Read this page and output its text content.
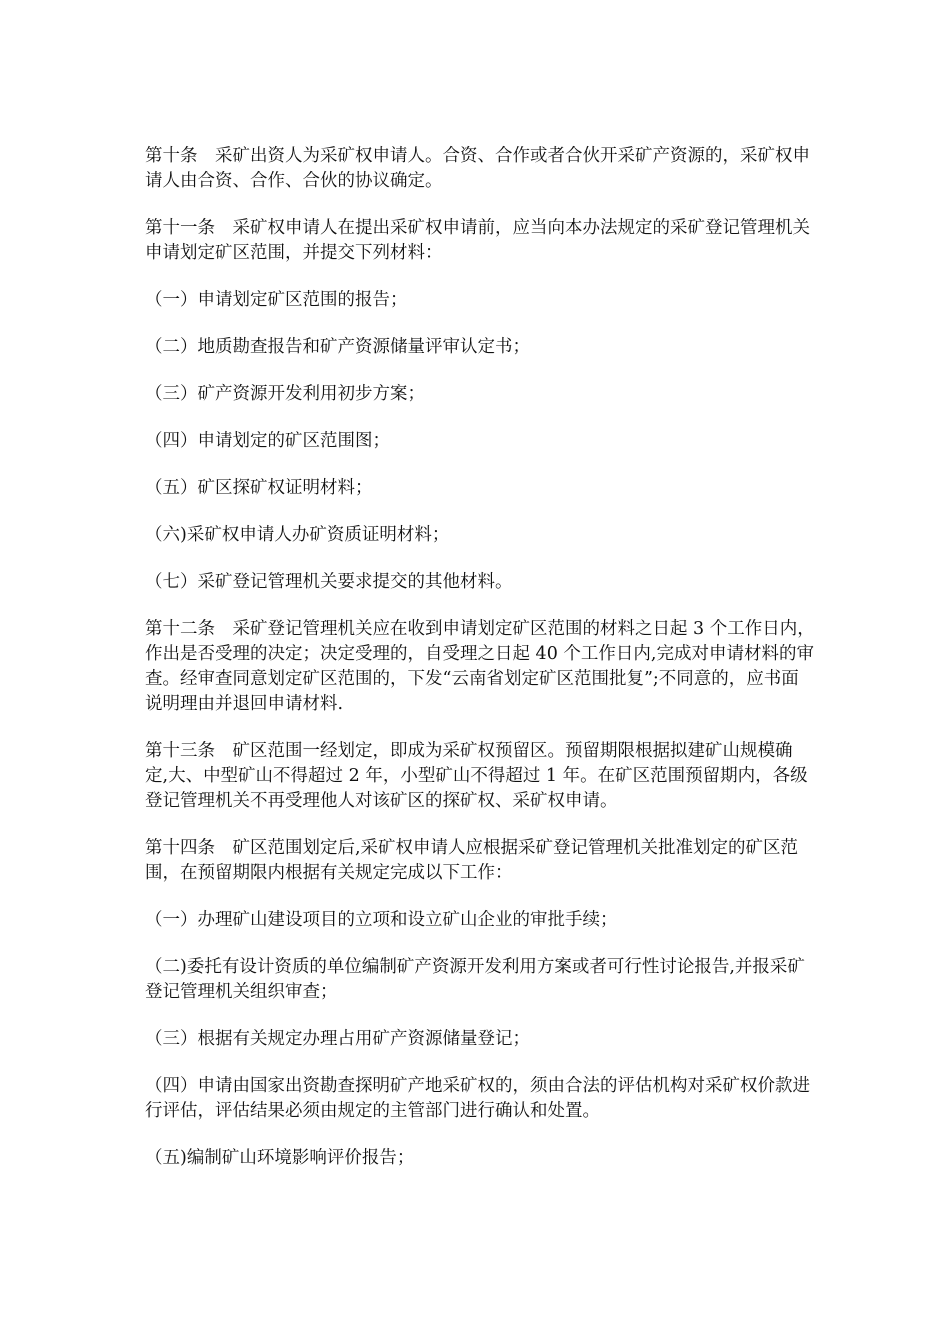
第十条　采矿出资人为采矿权申请人。合资、合作或者合伙开采矿产资源的，采矿权申请人由合资、合作、合伙的协议确定。

第十一条　采矿权申请人在提出采矿权申请前，应当向本办法规定的采矿登记管理机关申请划定矿区范围，并提交下列材料：

（一）申请划定矿区范围的报告；

（二）地质勘查报告和矿产资源储量评审认定书；

（三）矿产资源开发利用初步方案；

（四）申请划定的矿区范围图；

（五）矿区探矿权证明材料；

（六)采矿权申请人办矿资质证明材料；

（七）采矿登记管理机关要求提交的其他材料。

第十二条　采矿登记管理机关应在收到申请划定矿区范围的材料之日起 3 个工作日内，作出是否受理的决定；决定受理的，自受理之日起 40 个工作日内,完成对申请材料的审查。经审查同意划定矿区范围的，下发“云南省划定矿区范围批复”;不同意的，应书面说明理由并退回申请材料.

第十三条　矿区范围一经划定，即成为采矿权预留区。预留期限根据拟建矿山规模确定,大、中型矿山不得超过 2 年，小型矿山不得超过 1 年。在矿区范围预留期内，各级登记管理机关不再受理他人对该矿区的探矿权、采矿权申请。

第十四条　矿区范围划定后,采矿权申请人应根据采矿登记管理机关批准划定的矿区范围，在预留期限内根据有关规定完成以下工作：

（一）办理矿山建设项目的立项和设立矿山企业的审批手续；

（二)委托有设计资质的单位编制矿产资源开发利用方案或者可行性讨论报告,并报采矿登记管理机关组织审查；

（三）根据有关规定办理占用矿产资源储量登记；

（四）申请由国家出资勘查探明矿产地采矿权的，须由合法的评估机构对采矿权价款进行评估，评估结果必须由规定的主管部门进行确认和处置。

（五)编制矿山环境影响评价报告；
